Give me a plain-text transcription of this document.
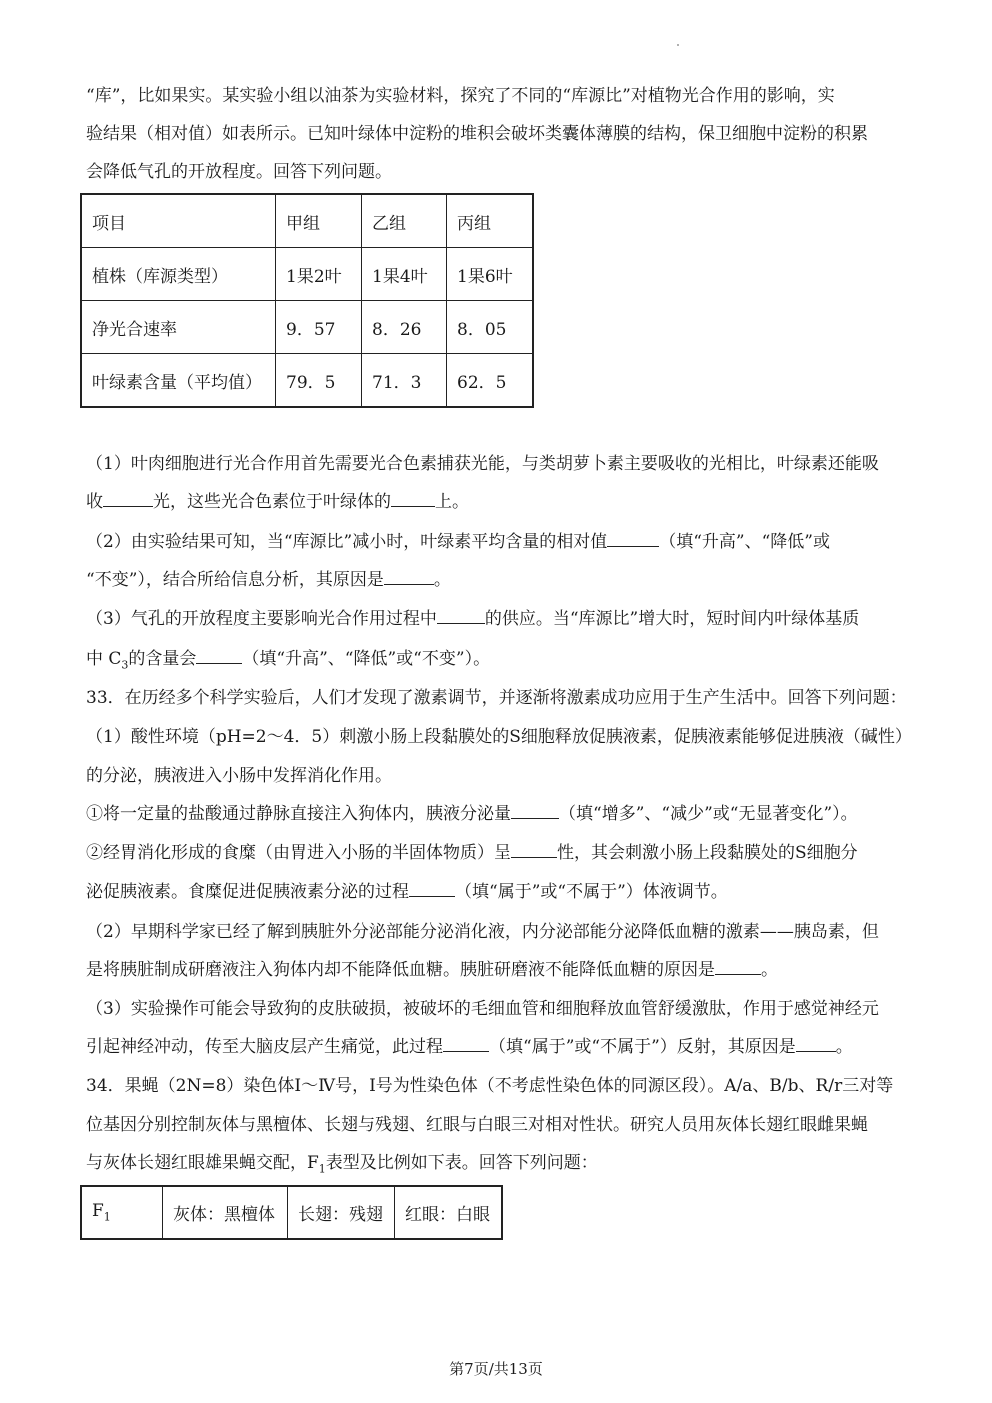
“库”，比如果实。某实验小组以油茶为实验材料，探究了不同的“库源比”对植物光合作用的影响，实
验结果（相对值）如表所示。已知叶绿体中淀粉的堆积会破坏类囊体薄膜的结构，保卫细胞中淀粉的积累
会降低气孔的开放程度。回答下列问题。
项目	甲组	乙组	丙组
植株（库源类型）	1果2叶	1果4叶	1果6叶
净光合速率	9．57	8．26	8．05
叶绿素含量（平均值）	79．5	71．3	62．5
（1）叶肉细胞进行光合作用首先需要光合色素捕获光能，与类胡萝卜素主要吸收的光相比，叶绿素还能吸
收	光，这些光合色素位于叶绿体的	上。
（2）由实验结果可知，当“库源比”减小时，叶绿素平均含量的相对值	（填“升高”、“降低”或
“不变”），结合所给信息分析，其原因是	。
（3）气孔的开放程度主要影响光合作用过程中	的供应。当“库源比”增大时，短时间内叶绿体基质
中 $C_3$的含量会	（填“升高”、“降低”或“不变”）。
33．在历经多个科学实验后，人们才发现了激素调节，并逐渐将激素成功应用于生产生活中。回答下列问题：
（1）酸性环境（pH=2～4．5）刺激小肠上段黏膜处的S细胞释放促胰液素，促胰液素能够促进胰液（碱性）
的分泌，胰液进入小肠中发挥消化作用。
①将一定量的盐酸通过静脉直接注入狗体内，胰液分泌量	（填“增多”、“减少”或“无显著变化”）。
②经胃消化形成的食糜（由胃进入小肠的半固体物质）呈	性，其会刺激小肠上段黏膜处的S细胞分
泌促胰液素。食糜促进促胰液素分泌的过程	（填“属于”或“不属于”）体液调节。
（2）早期科学家已经了解到胰脏外分泌部能分泌消化液，内分泌部能分泌降低血糖的激素——胰岛素，但
是将胰脏制成研磨液注入狗体内却不能降低血糖。胰脏研磨液不能降低血糖的原因是	。
（3）实验操作可能会导致狗的皮肤破损，被破坏的毛细血管和细胞释放血管舒缓激肽，作用于感觉神经元
引起神经冲动，传至大脑皮层产生痛觉，此过程	（填“属于”或“不属于”）反射，其原因是 。
34．果蝇（2N=8）染色体Ⅰ～Ⅳ号，Ⅰ号为性染色体（不考虑性染色体的同源区段）。A/a、B/b、R/r三对等
位基因分别控制灰体与黑檀体、长翅与残翅、红眼与白眼三对相对性状。研究人员用灰体长翅红眼雌果蝇
与灰体长翅红眼雄果蝇交配，$F_1$表型及比例如下表。回答下列问题：
$F_1$	灰体：黑檀体	长翅：残翅	红眼：白眼
第7页/共13页
